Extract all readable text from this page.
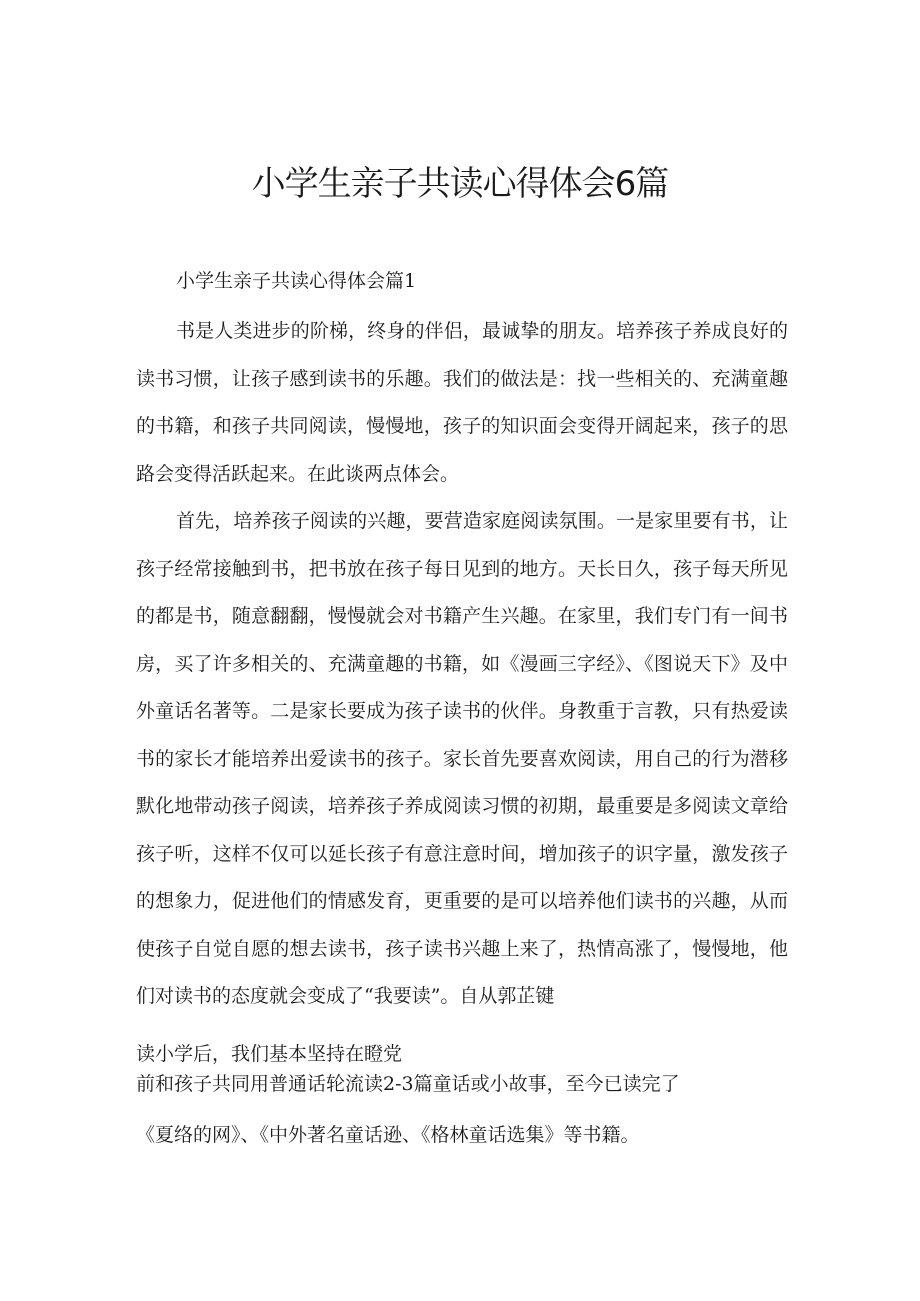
小学生亲子共读心得体会6篇
小学生亲子共读心得体会篇1

书是人类进步的阶梯，终身的伴侣，最诚挚的朋友。培养孩子养成良好的读书习惯，让孩子感到读书的乐趣。我们的做法是：找一些相关的、充满童趣的书籍，和孩子共同阅读，慢慢地，孩子的知识面会变得开阔起来，孩子的思路会变得活跃起来。在此谈两点体会。

首先，培养孩子阅读的兴趣，要营造家庭阅读氛围。一是家里要有书，让孩子经常接触到书，把书放在孩子每日见到的地方。天长日久，孩子每天所见的都是书，随意翻翻，慢慢就会对书籍产生兴趣。在家里，我们专门有一间书房，买了许多相关的、充满童趣的书籍，如《漫画三字经》、《图说天下》及中外童话名著等。二是家长要成为孩子读书的伙伴。身教重于言教，只有热爱读书的家长才能培养出爱读书的孩子。家长首先要喜欢阅读，用自己的行为潜移默化地带动孩子阅读，培养孩子养成阅读习惯的初期，最重要是多阅读文章给孩子听，这样不仅可以延长孩子有意注意时间，增加孩子的识字量，激发孩子的想象力，促进他们的情感发育，更重要的是可以培养他们读书的兴趣，从而使孩子自觉自愿的想去读书，孩子读书兴趣上来了，热情高涨了，慢慢地，他们对读书的态度就会变成了“我要读”。自从郭芷键

读小学后，我们基本坚持在瞪党

前和孩子共同用普通话轮流读2-3篇童话或小故事，至今已读完了

《夏络的网》、《中外著名童话逊、《格林童话选集》等书籍。
